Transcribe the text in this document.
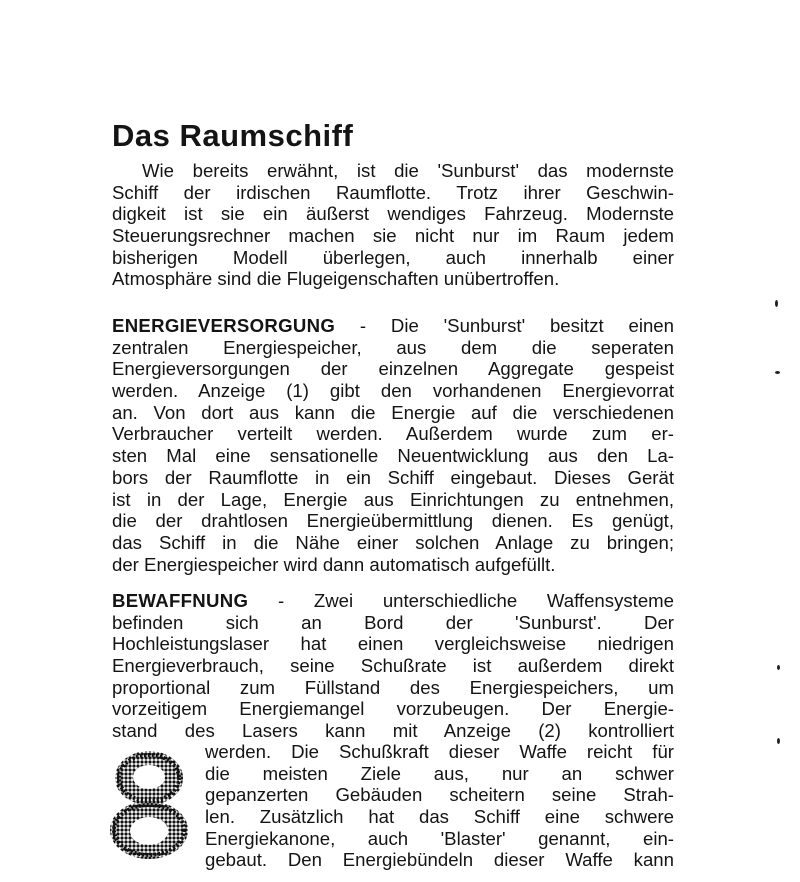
Das Raumschiff
Wie bereits erwähnt, ist die 'Sunburst' das modernste
Schiff der irdischen Raumflotte. Trotz ihrer Geschwin-
digkeit ist sie ein äußerst wendiges Fahrzeug. Modernste
Steuerungsrechner machen sie nicht nur im Raum jedem
bisherigen Modell überlegen, auch innerhalb einer
Atmosphäre sind die Flugeigenschaften unübertroffen.
ENERGIEVERSORGUNG - Die 'Sunburst' besitzt einen
zentralen Energiespeicher, aus dem die seperaten
Energieversorgungen der einzelnen Aggregate gespeist
werden. Anzeige (1) gibt den vorhandenen Energievorrat
an. Von dort aus kann die Energie auf die verschiedenen
Verbraucher verteilt werden. Außerdem wurde zum er-
sten Mal eine sensationelle Neuentwicklung aus den La-
bors der Raumflotte in ein Schiff eingebaut. Dieses Gerät
ist in der Lage, Energie aus Einrichtungen zu entnehmen,
die der drahtlosen Energieübermittlung dienen. Es genügt,
das Schiff in die Nähe einer solchen Anlage zu bringen;
der Energiespeicher wird dann automatisch aufgefüllt.
BEWAFFNUNG - Zwei unterschiedliche Waffensysteme
befinden sich an Bord der 'Sunburst'. Der
Hochleistungslaser hat einen vergleichsweise niedrigen
Energieverbrauch, seine Schußrate ist außerdem direkt
proportional zum Füllstand des Energiespeichers, um
vorzeitigem Energiemangel vorzubeugen. Der Energie-
stand des Lasers kann mit Anzeige (2) kontrolliert
werden. Die Schußkraft dieser Waffe reicht für
die meisten Ziele aus, nur an schwer
gepanzerten Gebäuden scheitern seine Strah-
len. Zusätzlich hat das Schiff eine schwere
Energiekanone, auch 'Blaster' genannt, ein-
gebaut. Den Energiebündeln dieser Waffe kann
